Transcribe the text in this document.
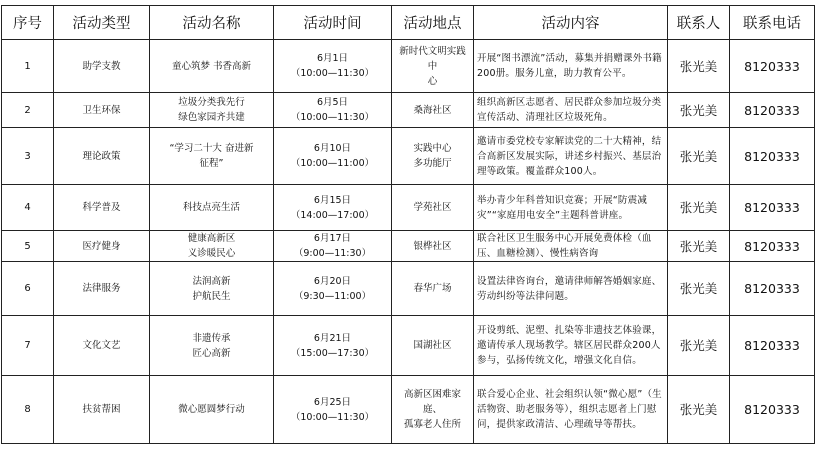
序号	活动类型	活动名称	活动时间	活动地点	活动内容	联系人	联系电话
1	助学支教	童心筑梦 书香高新	6月1日
（10:00—11:30）	新时代文明实践中
心	开展“图书漂流”活动，募集并捐赠课外书籍200册。服务儿童，助力教育公平。	张光美	8120333
2	卫生环保	垃圾分类我先行
绿色家园齐共建	6月5日
（10:00—11:30）	桑海社区	组织高新区志愿者、居民群众参加垃圾分类宣传活动、清理社区垃圾死角。	张光美	8120333
3	理论政策	“学习二十大 奋进新
征程”	6月10日
（10:00—11:00）	实践中心
多功能厅	邀请市委党校专家解读党的二十大精神，结合高新区发展实际，讲述乡村振兴、基层治理等政策。覆盖群众100人。	张光美	8120333
4	科学普及	科技点亮生活	6月15日
（14:00—17:00）	学苑社区	举办青少年科普知识竞赛；开展“防震减灾”“家庭用电安全”主题科普讲座。	张光美	8120333
5	医疗健身	健康高新区
义诊暖民心	6月17日
（9:00—11:30）	银桦社区	联合社区卫生服务中心开展免费体检（血压、血糖检测）、慢性病咨询	张光美	8120333
6	法律服务	法润高新
护航民生	6月20日
（9:30—11:00）	春华广场	设置法律咨询台，邀请律师解答婚姻家庭、劳动纠纷等法律问题。	张光美	8120333
7	文化文艺	非遗传承
匠心高新	6月21日
（15:00—17:30）	国湖社区	开设剪纸、泥塑、扎染等非遗技艺体验课，邀请传承人现场教学。辖区居民群众200人参与，弘扬传统文化，增强文化自信。	张光美	8120333
8	扶贫帮困	微心愿圆梦行动	6月25日
（10:00—11:30）	高新区困难家庭、
孤寡老人住所	联合爱心企业、社会组织认领“微心愿”（生活物资、助老服务等），组织志愿者上门慰问，提供家政清洁、心理疏导等帮扶。	张光美	8120333
